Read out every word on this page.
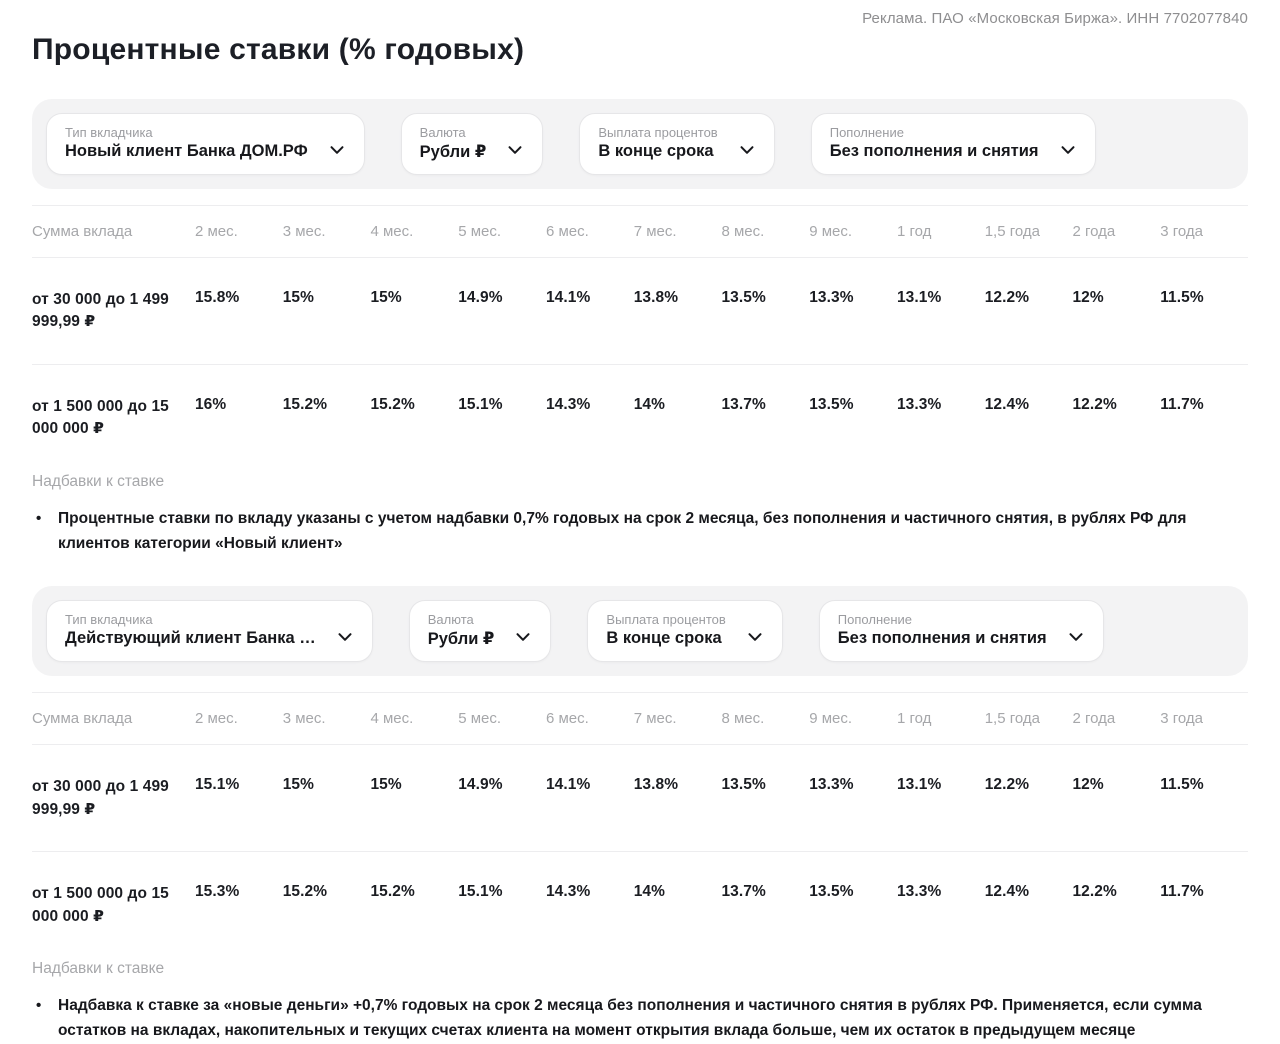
Реклама. ПАО «Московская Биржа». ИНН 7702077840
Процентные ставки (% годовых)
Тип вкладчика
Новый клиент Банка ДОМ.РФ
Валюта
Рубли ₽
Выплата процентов
В конце срока
Пополнение
Без пополнения и снятия
Сумма вклада	2 мес.	3 мес.	4 мес.	5 мес.	6 мес.	7 мес.	8 мес.	9 мес.	1 год	1,5 года	2 года	3 года
от 30 000 до 1 499 999,99 ₽	15.8%	15%	15%	14.9%	14.1%	13.8%	13.5%	13.3%	13.1%	12.2%	12%	11.5%
от 1 500 000 до 15 000 000 ₽	16%	15.2%	15.2%	15.1%	14.3%	14%	13.7%	13.5%	13.3%	12.4%	12.2%	11.7%
Надбавки к ставке
• Процентные ставки по вкладу указаны с учетом надбавки 0,7% годовых на срок 2 месяца, без пополнения и частичного снятия, в рублях РФ для клиентов категории «Новый клиент»
Тип вкладчика
Действующий клиент Банка …
Валюта
Рубли ₽
Выплата процентов
В конце срока
Пополнение
Без пополнения и снятия
Сумма вклада	2 мес.	3 мес.	4 мес.	5 мес.	6 мес.	7 мес.	8 мес.	9 мес.	1 год	1,5 года	2 года	3 года
от 30 000 до 1 499 999,99 ₽	15.1%	15%	15%	14.9%	14.1%	13.8%	13.5%	13.3%	13.1%	12.2%	12%	11.5%
от 1 500 000 до 15 000 000 ₽	15.3%	15.2%	15.2%	15.1%	14.3%	14%	13.7%	13.5%	13.3%	12.4%	12.2%	11.7%
Надбавки к ставке
• Надбавка к ставке за «новые деньги» +0,7% годовых на срок 2 месяца без пополнения и частичного снятия в рублях РФ. Применяется, если сумма остатков на вкладах, накопительных и текущих счетах клиента на момент открытия вклада больше, чем их остаток в предыдущем месяце
